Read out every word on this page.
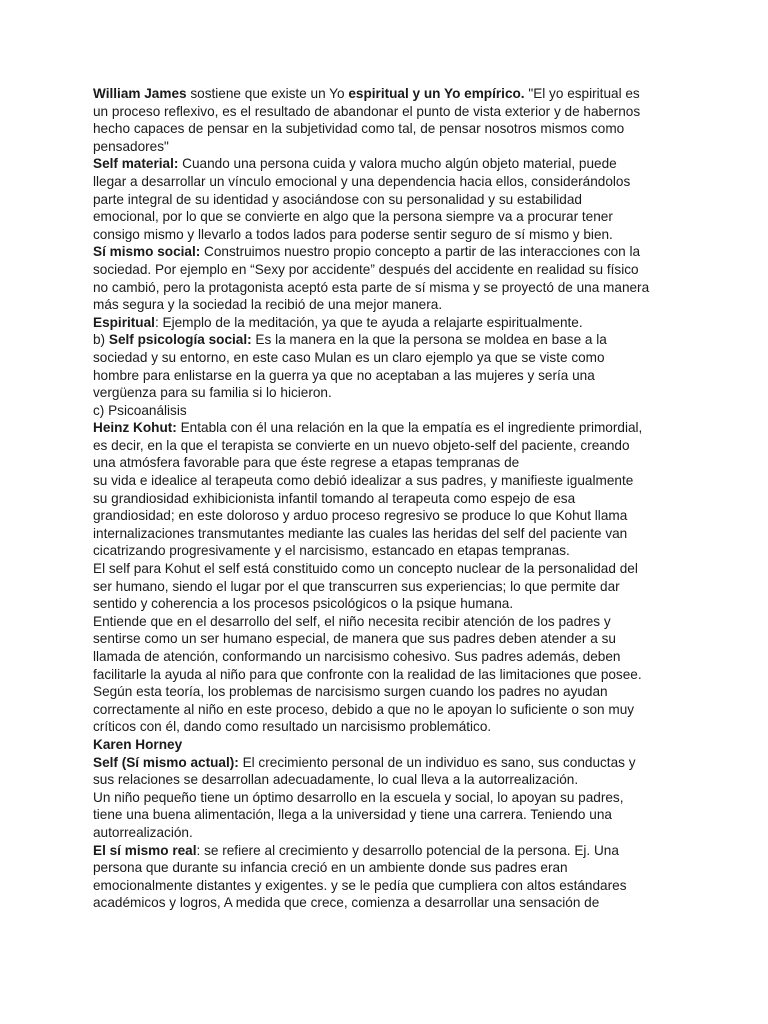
William James sostiene que existe un Yo espiritual y un Yo empírico. "El yo espiritual es
un proceso reflexivo, es el resultado de abandonar el punto de vista exterior y de habernos
hecho capaces de pensar en la subjetividad como tal, de pensar nosotros mismos como
pensadores"
Self material: Cuando una persona cuida y valora mucho algún objeto material, puede
llegar a desarrollar un vínculo emocional y una dependencia hacia ellos, considerándolos
parte integral de su identidad y asociándose con su personalidad y su estabilidad
emocional, por lo que se convierte en algo que la persona siempre va a procurar tener
consigo mismo y llevarlo a todos lados para poderse sentir seguro de sí mismo y bien.
Sí mismo social: Construimos nuestro propio concepto a partir de las interacciones con la
sociedad. Por ejemplo en “Sexy por accidente” después del accidente en realidad su físico
no cambió, pero la protagonista aceptó esta parte de sí misma y se proyectó de una manera
más segura y la sociedad la recibió de una mejor manera.
Espiritual: Ejemplo de la meditación, ya que te ayuda a relajarte espiritualmente.
b) Self psicología social: Es la manera en la que la persona se moldea en base a la
sociedad y su entorno, en este caso Mulan es un claro ejemplo ya que se viste como
hombre para enlistarse en la guerra ya que no aceptaban a las mujeres y sería una
vergüenza para su familia si lo hicieron.
c) Psicoanálisis
Heinz Kohut: Entabla con él una relación en la que la empatía es el ingrediente primordial,
es decir, en la que el terapista se convierte en un nuevo objeto-self del paciente, creando
una atmósfera favorable para que éste regrese a etapas tempranas de
su vida e idealice al terapeuta como debió idealizar a sus padres, y manifieste igualmente
su grandiosidad exhibicionista infantil tomando al terapeuta como espejo de esa
grandiosidad; en este doloroso y arduo proceso regresivo se produce lo que Kohut llama
internalizaciones transmutantes mediante las cuales las heridas del self del paciente van
cicatrizando progresivamente y el narcisismo, estancado en etapas tempranas.
El self para Kohut el self está constituido como un concepto nuclear de la personalidad del
ser humano, siendo el lugar por el que transcurren sus experiencias; lo que permite dar
sentido y coherencia a los procesos psicológicos o la psique humana.
Entiende que en el desarrollo del self, el niño necesita recibir atención de los padres y
sentirse como un ser humano especial, de manera que sus padres deben atender a su
llamada de atención, conformando un narcisismo cohesivo. Sus padres además, deben
facilitarle la ayuda al niño para que confronte con la realidad de las limitaciones que posee.
Según esta teoría, los problemas de narcisismo surgen cuando los padres no ayudan
correctamente al niño en este proceso, debido a que no le apoyan lo suficiente o son muy
críticos con él, dando como resultado un narcisismo problemático.
Karen Horney
Self (Sí mismo actual): El crecimiento personal de un individuo es sano, sus conductas y
sus relaciones se desarrollan adecuadamente, lo cual lleva a la autorrealización.
Un niño pequeño tiene un óptimo desarrollo en la escuela y social, lo apoyan su padres,
tiene una buena alimentación, llega a la universidad y tiene una carrera. Teniendo una
autorrealización.
El sí mismo real: se refiere al crecimiento y desarrollo potencial de la persona. Ej. Una
persona que durante su infancia creció en un ambiente donde sus padres eran
emocionalmente distantes y exigentes. y se le pedía que cumpliera con altos estándares
académicos y logros, A medida que crece, comienza a desarrollar una sensación de
